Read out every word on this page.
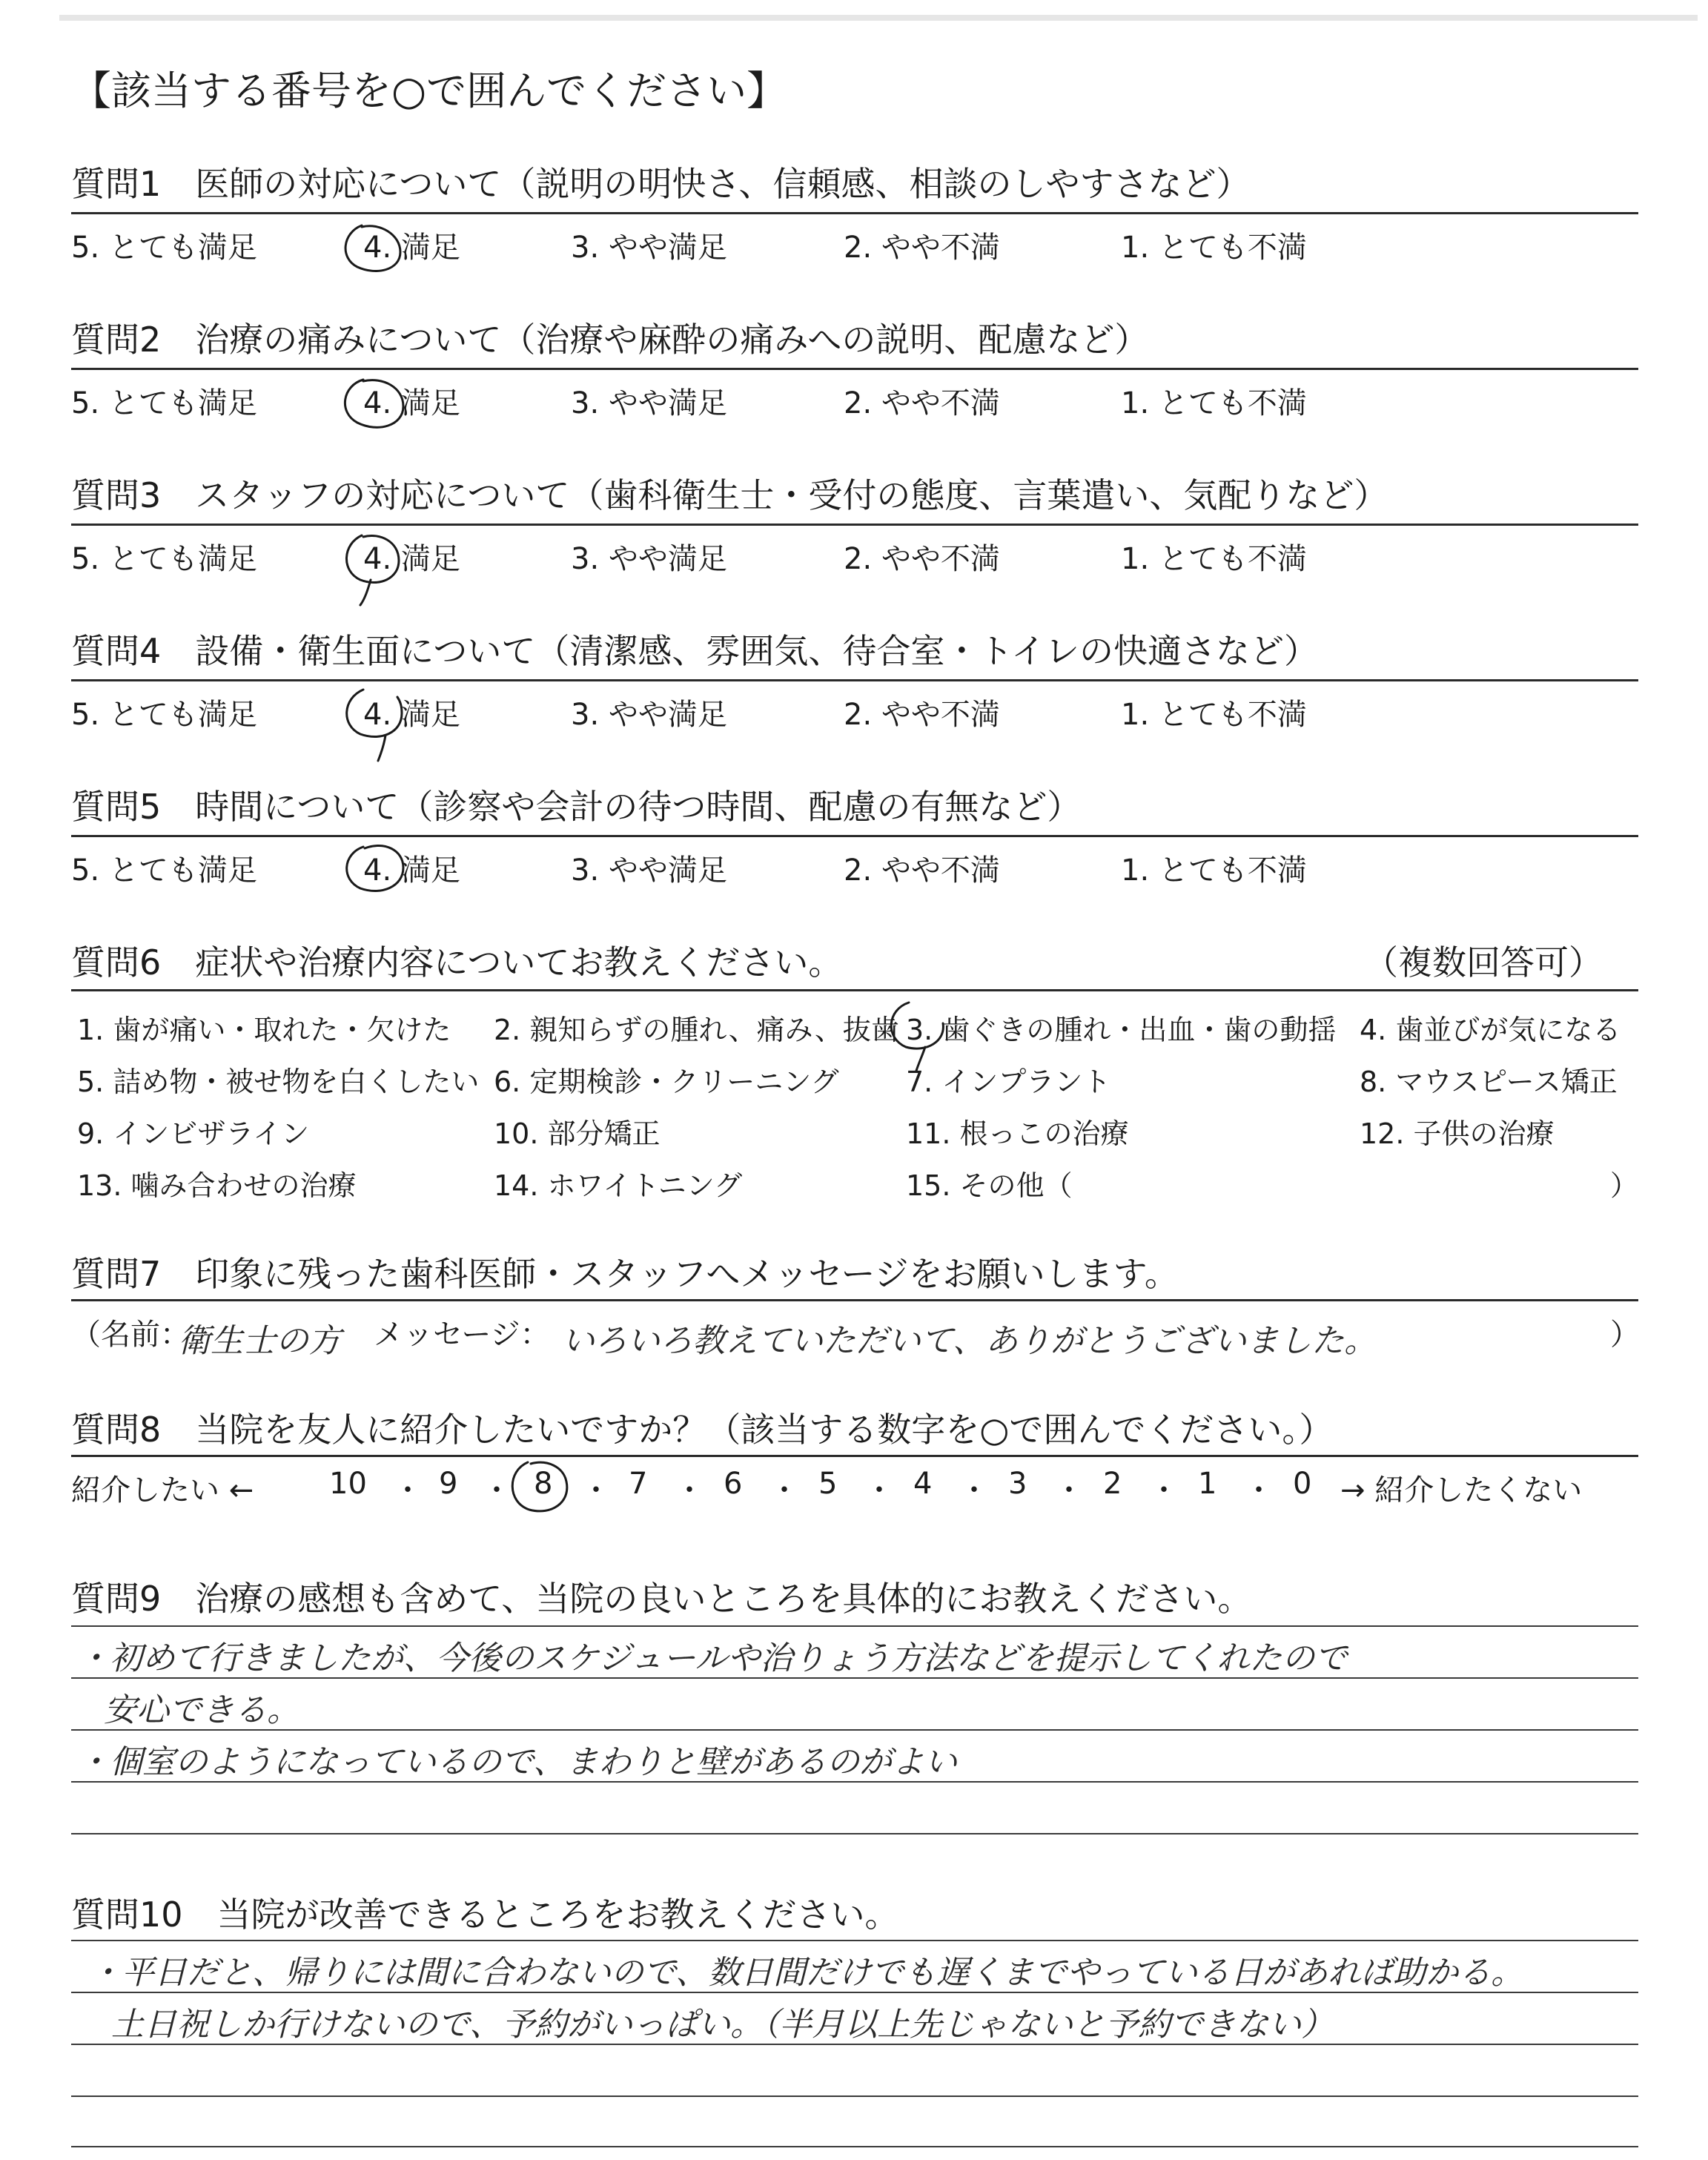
【該当する番号を○で囲んでください】
質問1　医師の対応について（説明の明快さ、信頼感、相談のしやすさなど）
5. とても満足	4. 満足	3. やや満足	2. やや不満	1. とても不満
質問2　治療の痛みについて（治療や麻酔の痛みへの説明、配慮など）
5. とても満足	4. 満足	3. やや満足	2. やや不満	1. とても不満
質問3　スタッフの対応について（歯科衛生士・受付の態度、言葉遣い、気配りなど）
5. とても満足	4. 満足	3. やや満足	2. やや不満	1. とても不満
質問4　設備・衛生面について（清潔感、雰囲気、待合室・トイレの快適さなど）
5. とても満足	4. 満足	3. やや満足	2. やや不満	1. とても不満
質問5　時間について（診察や会計の待つ時間、配慮の有無など）
5. とても満足	4. 満足	3. やや満足	2. やや不満	1. とても不満
質問6　症状や治療内容についてお教えください。	（複数回答可）
1. 歯が痛い・取れた・欠けた 2. 親知らずの腫れ、痛み、抜歯 3. 歯ぐきの腫れ・出血・歯の動揺 4. 歯並びが気になる
5. 詰め物・被せ物を白くしたい 6. 定期検診・クリーニング 7. インプラント	8. マウスピース矯正
9. インビザライン	10. 部分矯正	11. 根っこの治療	12. 子供の治療
13. 噛み合わせの治療	14. ホワイトニング	15. その他（	）
質問7　印象に残った歯科医師・スタッフへメッセージをお願いします。
（名前：
衛生士の方 メッセージ： いろいろ教えていただいて、ありがとうございました。	）
質問8　当院を友人に紹介したいですか？（該当する数字を○で囲んでください。）
紹介したい ←	→ 紹介したくない
10 9	8	7	6	5	4	3	2	1	0
・ ・ ・ ・ ・ ・ ・ ・ ・ ・
質問9　治療の感想も含めて、当院の良いところを具体的にお教えください。
・初めて行きましたが、今後のスケジュールや治りょう方法などを提示してくれたので
安心できる。
・個室のようになっているので、まわりと壁があるのがよい
質問10　当院が改善できるところをお教えください。
・平日だと、帰りには間に合わないので、数日間だけでも遅くまでやっている日があれば助かる。
土日祝しか行けないので、予約がいっぱい。（半月以上先じゃないと予約できない）
